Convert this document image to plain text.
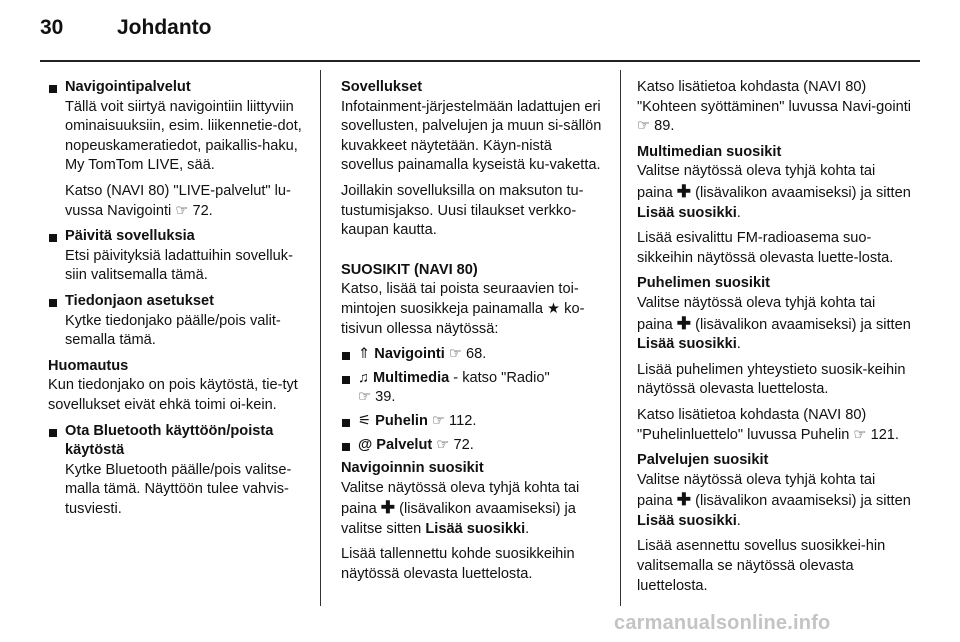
30	Johdanto
Navigointipalvelut

Tällä voit siirtyä navigointiin liittyviin ominaisuuksiin, esim. liikennetie-dot, nopeuskameratiedot, paikallis-haku, My TomTom LIVE, sää.

Katso (NAVI 80) "LIVE-palvelut" lu-vussa Navigointi ☞ 72.

Päivitä sovelluksia

Etsi päivityksiä ladattuihin sovelluk-siin valitsemalla tämä.

Tiedonjaon asetukset

Kytke tiedonjako päälle/pois valit-semalla tämä.

Huomautus

Kun tiedonjako on pois käytöstä, tie-tyt sovellukset eivät ehkä toimi oi-kein.

Ota Bluetooth käyttöön/poista käytöstä

Kytke Bluetooth päälle/pois valitse-malla tämä. Näyttöön tulee vahvis-tusviesti.

Sovellukset

Infotainment-järjestelmään ladattujen eri sovellusten, palvelujen ja muun si-sällön kuvakkeet näytetään. Käyn-nistä sovellus painamalla kyseistä ku-vaketta.

Joillakin sovelluksilla on maksuton tu-tustumisjakso. Uusi tilaukset verkko-kaupan kautta.

SUOSIKIT (NAVI 80)

Katso, lisää tai poista seuraavien toi-mintojen suosikkeja painamalla ★ ko-tisivun ollessa näytössä:

⇑ Navigointi ☞ 68.
♫ Multimedia - katso "Radio"
☞ 39.
⚟ Puhelin ☞ 112.
@ Palvelut ☞ 72.
Navigoinnin suosikit

Valitse näytössä oleva tyhjä kohta tai paina ✚ (lisävalikon avaamiseksi) ja valitse sitten Lisää suosikki.

Lisää tallennettu kohde suosikkeihin näytössä olevasta luettelosta.

Katso lisätietoa kohdasta (NAVI 80) "Kohteen syöttäminen" luvussa Navi-gointi ☞ 89.

Multimedian suosikit

Valitse näytössä oleva tyhjä kohta tai paina ✚ (lisävalikon avaamiseksi) ja sitten Lisää suosikki.

Lisää esivalittu FM-radioasema suo-sikkeihin näytössä olevasta luette-losta.

Puhelimen suosikit

Valitse näytössä oleva tyhjä kohta tai paina ✚ (lisävalikon avaamiseksi) ja sitten Lisää suosikki.

Lisää puhelimen yhteystieto suosik-keihin näytössä olevasta luettelosta.

Katso lisätietoa kohdasta (NAVI 80) "Puhelinluettelo" luvussa Puhelin ☞ 121.

Palvelujen suosikit

Valitse näytössä oleva tyhjä kohta tai paina ✚ (lisävalikon avaamiseksi) ja sitten Lisää suosikki.

Lisää asennettu sovellus suosikkei-hin valitsemalla se näytössä olevasta luettelosta.

carmanualsonline.info
